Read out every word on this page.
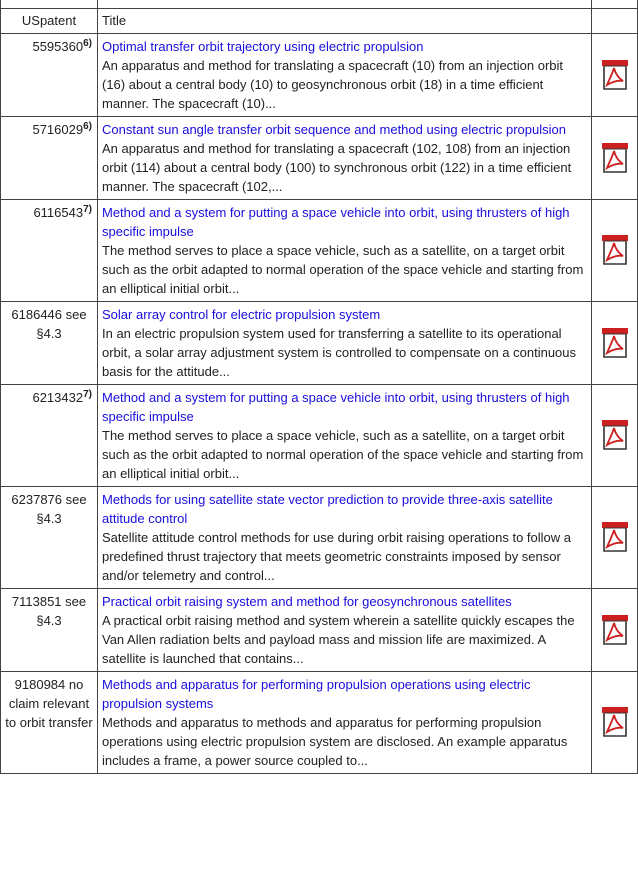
USpatent	Title	
5595360$^{6)}$	Optimal transfer orbit trajectory using electric propulsion
An apparatus and method for translating a spacecraft (10) from an injection orbit (16) about a central body (10) to geosynchronous orbit (18) in a time efficient manner. The spacecraft (10)...	
5716029$^{6)}$	Constant sun angle transfer orbit sequence and method using electric propulsion
An apparatus and method for translating a spacecraft (102, 108) from an injection orbit (114) about a central body (100) to synchronous orbit (122) in a time efficient manner. The spacecraft (102,...	
6116543$^{7)}$	Method and a system for putting a space vehicle into orbit, using thrusters of high specific impulse
The method serves to place a space vehicle, such as a satellite, on a target orbit such as the orbit adapted to normal operation of the space vehicle and starting from an elliptical initial orbit...	
6186446 see §4.3	Solar array control for electric propulsion system
In an electric propulsion system used for transferring a satellite to its operational orbit, a solar array adjustment system is controlled to compensate on a continuous basis for the attitude...	
6213432$^{7)}$	Method and a system for putting a space vehicle into orbit, using thrusters of high specific impulse
The method serves to place a space vehicle, such as a satellite, on a target orbit such as the orbit adapted to normal operation of the space vehicle and starting from an elliptical initial orbit...	
6237876 see §4.3	Methods for using satellite state vector prediction to provide three-axis satellite attitude control
Satellite attitude control methods for use during orbit raising operations to follow a predefined thrust trajectory that meets geometric constraints imposed by sensor and/or telemetry and control...	
7113851 see §4.3	Practical orbit raising system and method for geosynchronous satellites
A practical orbit raising method and system wherein a satellite quickly escapes the Van Allen radiation belts and payload mass and mission life are maximized. A satellite is launched that contains...	
9180984 no claim relevant to orbit transfer	Methods and apparatus for performing propulsion operations using electric propulsion systems
Methods and apparatus to methods and apparatus for performing propulsion operations using electric propulsion system are disclosed. An example apparatus includes a frame, a power source coupled to...	
